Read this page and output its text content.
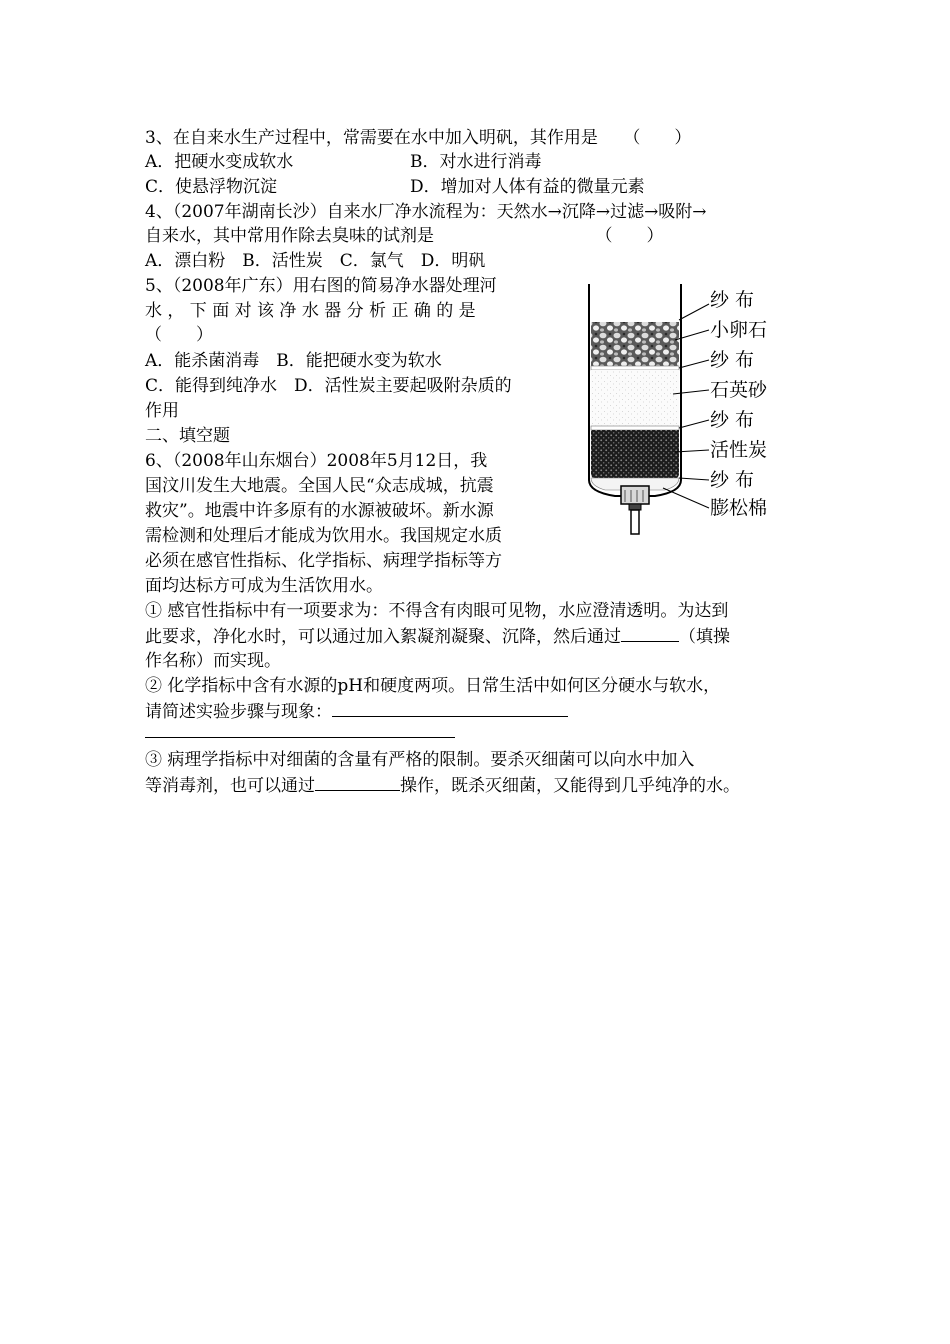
3、在自来水生产过程中，常需要在水中加入明矾，其作用是　　（　　）
A．把硬水变成软水	B．对水进行消毒
C．使悬浮物沉淀	D．增加对人体有益的微量元素
4、（2007年湖南长沙）自来水厂净水流程为：天然水→沉降→过滤→吸附→
自来水，其中常用作除去臭味的试剂是　　　　　　　　　　（　　）
A．漂白粉　B．活性炭　C．氯气　D．明矾
5、（2008年广东）用右图的简易净水器处理河
水 ， 下 面 对 该 净 水 器 分 析 正 确 的 是
（　　）
A．能杀菌消毒　B．能把硬水变为软水
C．能得到纯净水　D．活性炭主要起吸附杂质的
作用
二、填空题
6、（2008年山东烟台）2008年5月12日，我
国汶川发生大地震。全国人民“众志成城，抗震
救灾”。地震中许多原有的水源被破坏。新水源
需检测和处理后才能成为饮用水。我国规定水质
必须在感官性指标、化学指标、病理学指标等方
面均达标方可成为生活饮用水。
① 感官性指标中有一项要求为：不得含有肉眼可见物，水应澄清透明。为达到
此要求，净化水时，可以通过加入絮凝剂凝聚、沉降，然后通过	（填操
作名称）而实现。
② 化学指标中含有水源的pH和硬度两项。日常生活中如何区分硬水与软水，
请简述实验步骤与现象：
③ 病理学指标中对细菌的含量有严格的限制。要杀灭细菌可以向水中加入
等消毒剂，也可以通过	操作，既杀灭细菌，又能得到几乎纯净的水。
纱 布
小卵石
纱 布
石英砂
纱 布
活性炭
纱 布
膨松棉
